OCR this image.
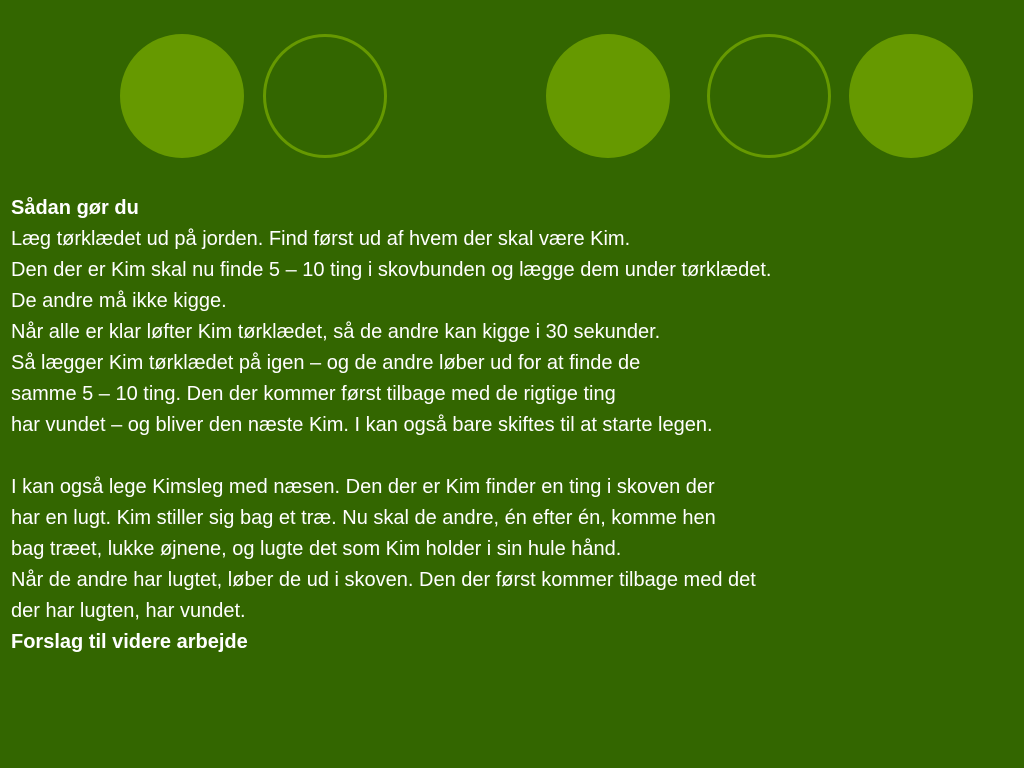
Sådan gør du
Læg tørklædet ud på jorden. Find først ud af hvem der skal være Kim.
Den der er Kim skal nu finde 5 – 10 ting i skovbunden og lægge dem under tørklædet.
De andre må ikke kigge.
Når alle er klar løfter Kim tørklædet, så de andre kan kigge i 30 sekunder.
Så lægger Kim tørklædet på igen – og de andre løber ud for at finde de
samme 5 – 10 ting. Den der kommer først tilbage med de rigtige ting
har vundet – og bliver den næste Kim. I kan også bare skiftes til at starte legen.
I kan også lege Kimsleg med næsen. Den der er Kim finder en ting i skoven der
har en lugt. Kim stiller sig bag et træ. Nu skal de andre, én efter én, komme hen
bag træet, lukke øjnene, og lugte det som Kim holder i sin hule hånd.
Når de andre har lugtet, løber de ud i skoven. Den der først kommer tilbage med det
der har lugten, har vundet.
Forslag til videre arbejde
